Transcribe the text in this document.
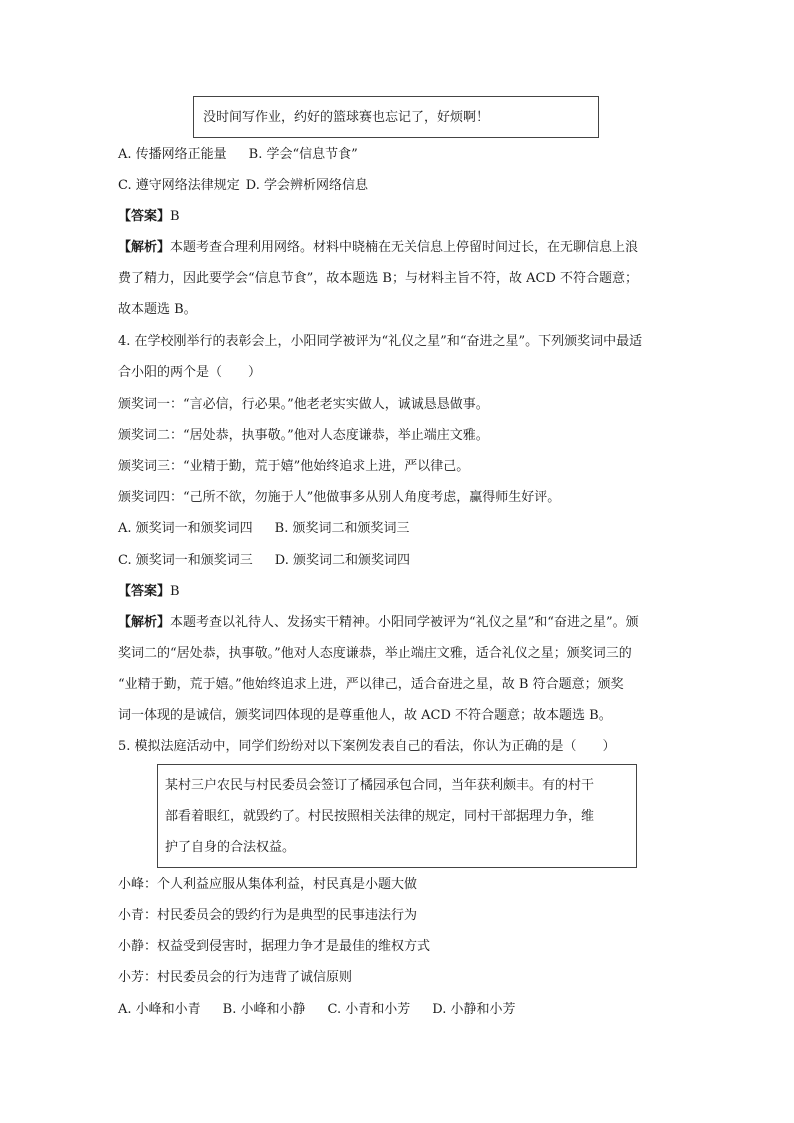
没时间写作业，约好的篮球赛也忘记了，好烦啊！
A. 传播网络正能量 B. 学会“信息节食”
C. 遵守网络法律规定 D. 学会辨析网络信息
【答案】B
【解析】本题考查合理利用网络。材料中晓楠在无关信息上停留时间过长，在无聊信息上浪
费了精力，因此要学会“信息节食”，故本题选 B；与材料主旨不符，故 ACD 不符合题意；
故本题选 B。
4. 在学校刚举行的表彰会上，小阳同学被评为“礼仪之星”和“奋进之星”。下列颁奖词中最适
合小阳的两个是（　　）
颁奖词一：“言必信，行必果。”他老老实实做人，诚诚恳恳做事。
颁奖词二：“居处恭，执事敬。”他对人态度谦恭，举止端庄文雅。
颁奖词三：“业精于勤，荒于嬉”他始终追求上进，严以律己。
颁奖词四：“己所不欲，勿施于人”他做事多从别人角度考虑，赢得师生好评。
A. 颁奖词一和颁奖词四 B. 颁奖词二和颁奖词三
C. 颁奖词一和颁奖词三 D. 颁奖词二和颁奖词四
【答案】B
【解析】本题考查以礼待人、发扬实干精神。小阳同学被评为“礼仪之星”和“奋进之星”。颁
奖词二的“居处恭，执事敬。”他对人态度谦恭，举止端庄文雅，适合礼仪之星；颁奖词三的
“业精于勤，荒于嬉。”他始终追求上进，严以律己，适合奋进之星，故 B 符合题意；颁奖
词一体现的是诚信，颁奖词四体现的是尊重他人，故 ACD 不符合题意；故本题选 B。
5. 模拟法庭活动中，同学们纷纷对以下案例发表自己的看法，你认为正确的是（　　）
某村三户农民与村民委员会签订了橘园承包合同，当年获利颇丰。有的村干
部看着眼红，就毁约了。村民按照相关法律的规定，同村干部据理力争，维
护了自身的合法权益。
小峰：个人利益应服从集体利益，村民真是小题大做
小青：村民委员会的毁约行为是典型的民事违法行为
小静：权益受到侵害时，据理力争才是最佳的维权方式
小芳：村民委员会的行为违背了诚信原则
A. 小峰和小青 B. 小峰和小静 C. 小青和小芳 D. 小静和小芳
